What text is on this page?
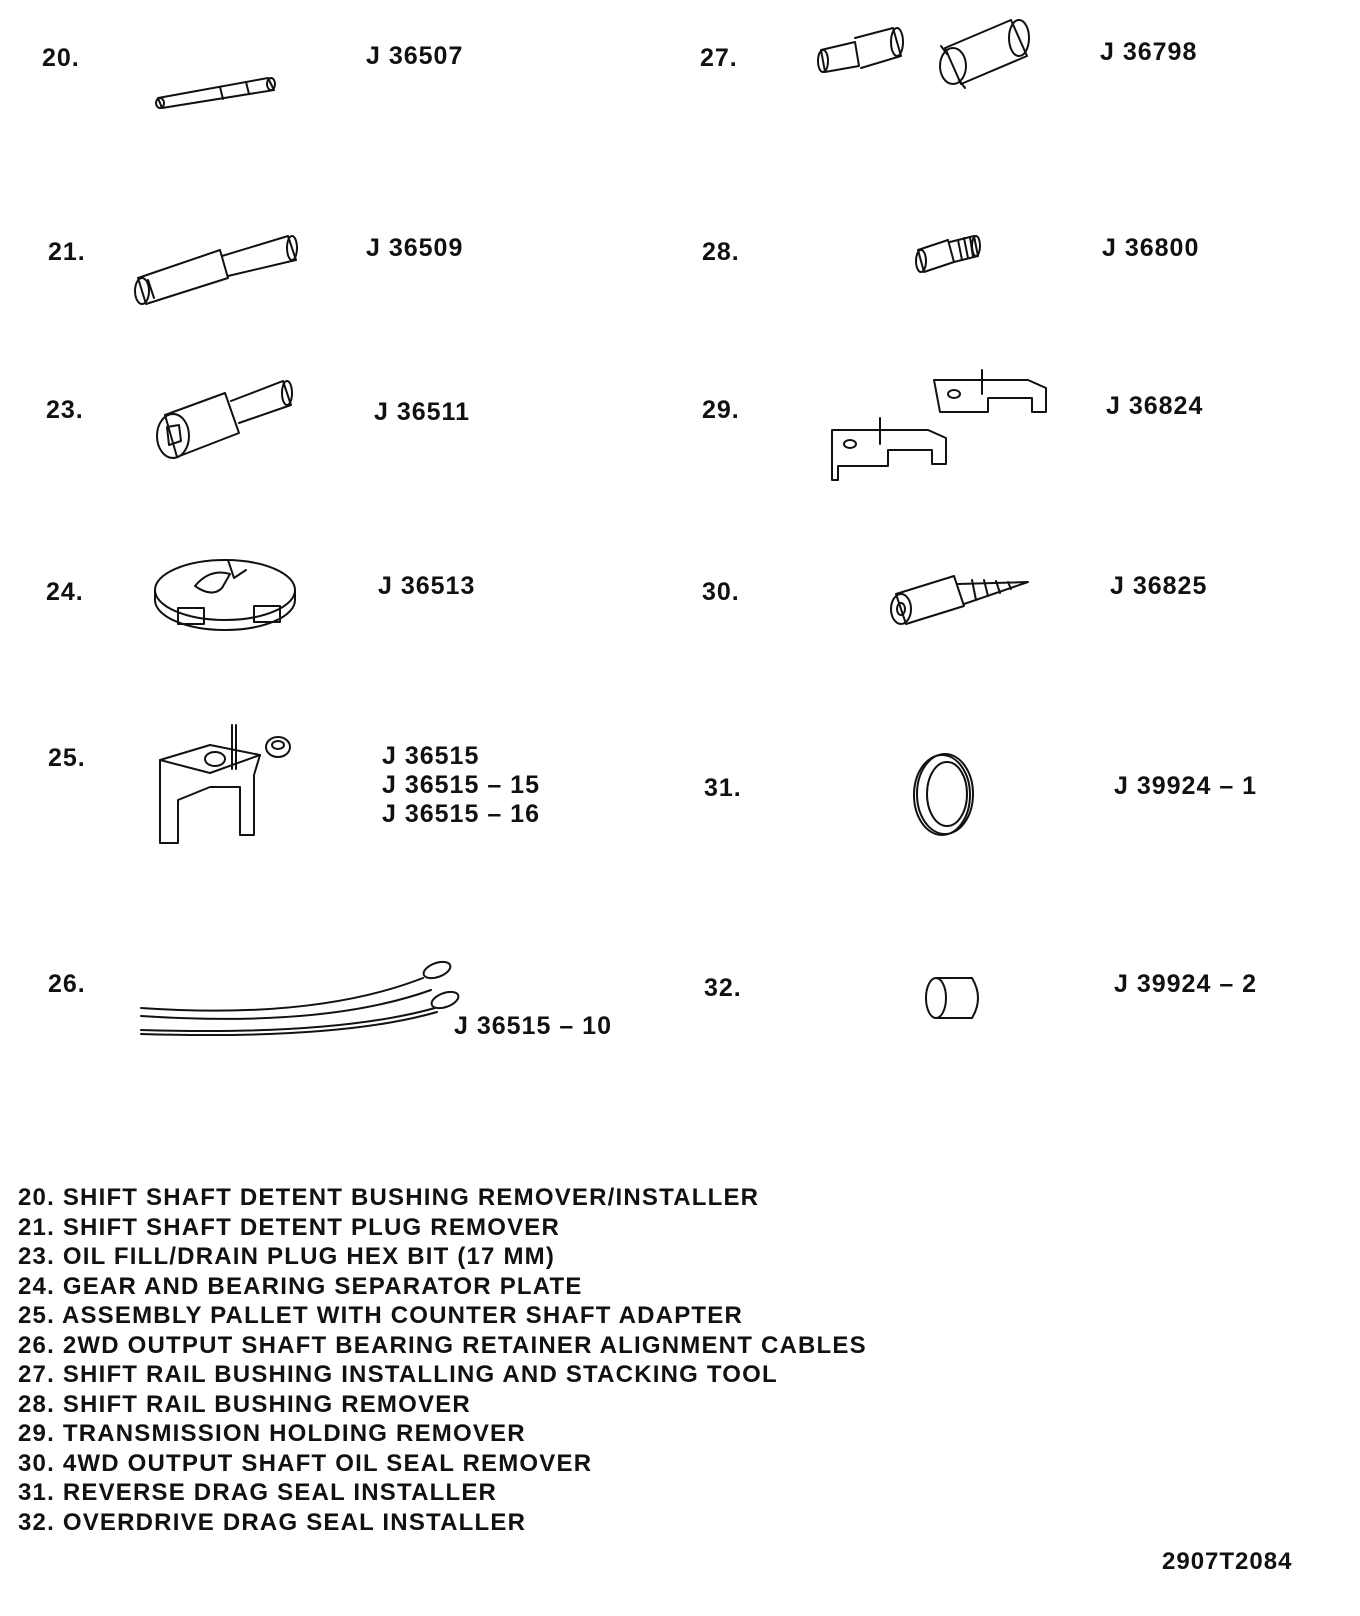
20.	J 36507
21.	J 36509
23.	J 36511
24.	J 36513
25.	J 36515
J 36515 – 15
J 36515 – 16
26.
J 36515 – 10
27.	J 36798
28.	J 36800
29.	J 36824
30.	J 36825
31.	J 39924 – 1
32.	J 39924 – 2
20. SHIFT SHAFT DETENT BUSHING REMOVER/INSTALLER
21. SHIFT SHAFT DETENT PLUG REMOVER
23. OIL FILL/DRAIN PLUG HEX BIT (17 MM)
24. GEAR AND BEARING SEPARATOR PLATE
25. ASSEMBLY PALLET WITH COUNTER SHAFT ADAPTER
26. 2WD OUTPUT SHAFT BEARING RETAINER ALIGNMENT CABLES
27. SHIFT RAIL BUSHING INSTALLING AND STACKING TOOL
28. SHIFT RAIL BUSHING REMOVER
29. TRANSMISSION HOLDING REMOVER
30. 4WD OUTPUT SHAFT OIL SEAL REMOVER
31. REVERSE DRAG SEAL INSTALLER
32. OVERDRIVE DRAG SEAL INSTALLER
2907T2084
